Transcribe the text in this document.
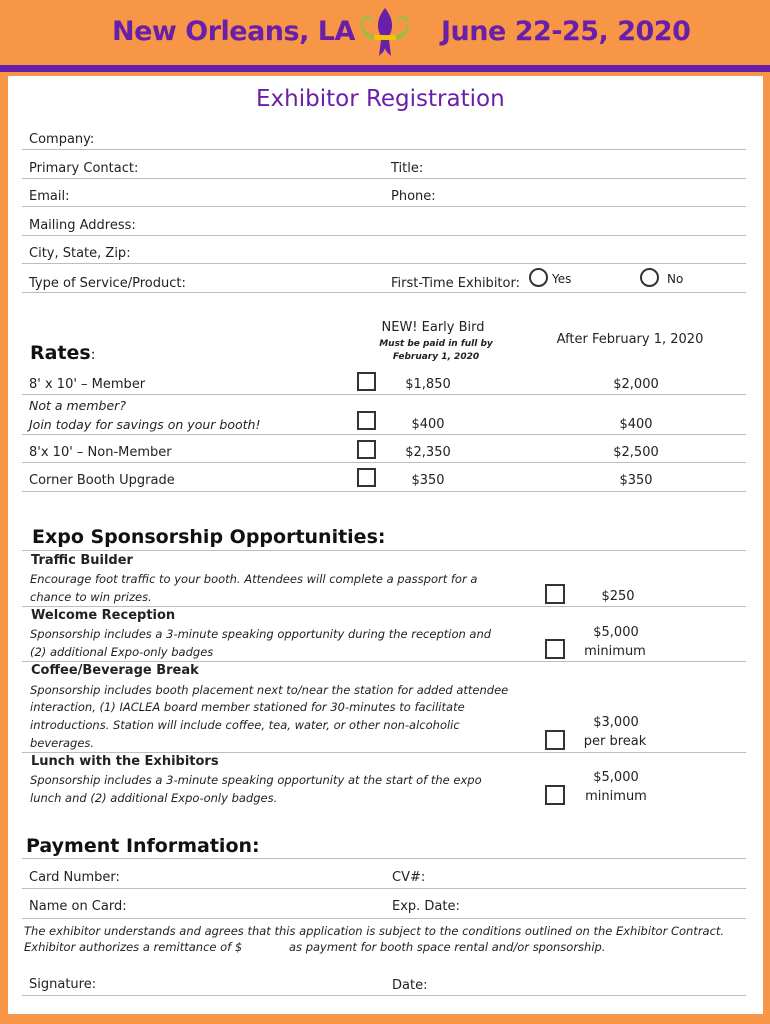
New Orleans, LA	June 22-25, 2020
Exhibitor Registration
Company:
Primary Contact:	Title:
Email:	Phone:
Mailing Address:
City, State, Zip:
Type of Service/Product:	First-Time Exhibitor:	Yes	No
Rates:
NEW! Early Bird
Must be paid in full by
February 1, 2020
After February 1, 2020
8' x 10' – Member	$1,850	$2,000
Not a member?
Join today for savings on your booth!	$400	$400
8'x 10' – Non-Member	$2,350	$2,500
Corner Booth Upgrade	$350	$350
Expo Sponsorship Opportunities:
Traffic Builder
Encourage foot traffic to your booth. Attendees will complete a passport for a
chance to win prizes.	$250
Welcome Reception
Sponsorship includes a 3-minute speaking opportunity during the reception and
(2) additional Expo-only badges
$5,000
minimum
Coffee/Beverage Break
Sponsorship includes booth placement next to/near the station for added attendee
interaction, (1) IACLEA board member stationed for 30-minutes to facilitate
introductions. Station will include coffee, tea, water, or other non-alcoholic
beverages.
$3,000
per break
Lunch with the Exhibitors
Sponsorship includes a 3-minute speaking opportunity at the start of the expo
lunch and (2) additional Expo-only badges.
$5,000
minimum
Payment Information:
Card Number:	CV#:
Name on Card:	Exp. Date:
The exhibitor understands and agrees that this application is subject to the conditions outlined on the Exhibitor Contract.
Exhibitor authorizes a remittance of $	as payment for booth space rental and/or sponsorship.
Signature:	Date:
